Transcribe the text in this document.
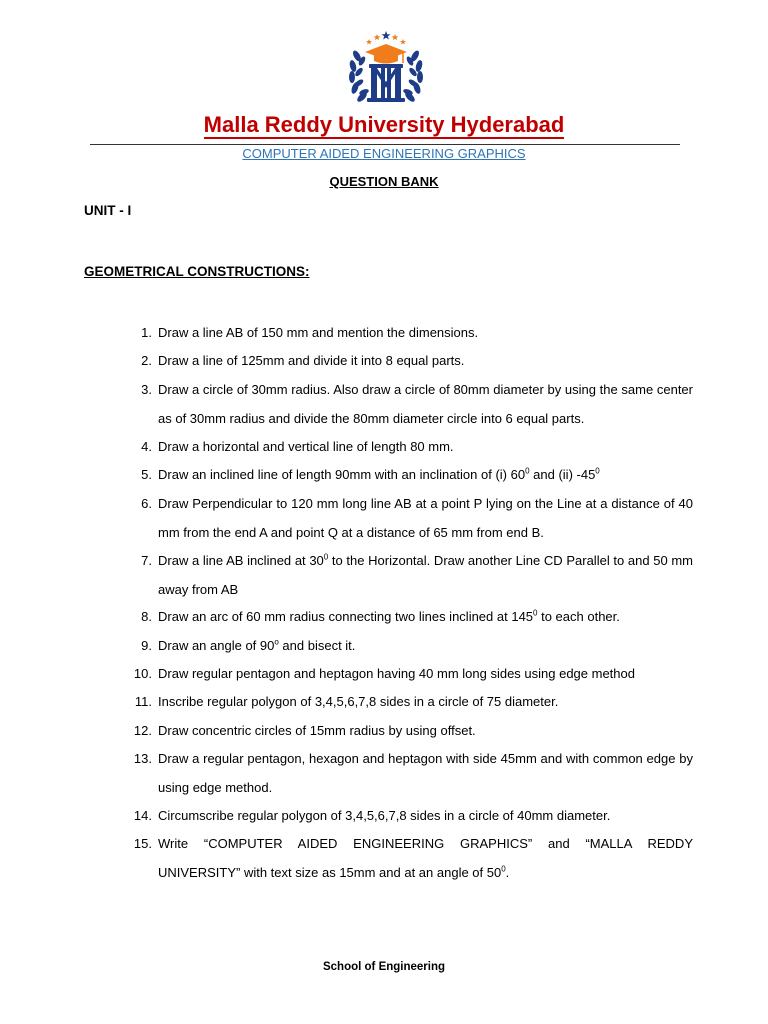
Malla Reddy University Hyderabad
COMPUTER AIDED ENGINEERING GRAPHICS
QUESTION BANK
UNIT - I
GEOMETRICAL CONSTRUCTIONS:
1. Draw a line AB of 150 mm and mention the dimensions.
2. Draw a line of 125mm and divide it into 8 equal parts.
3. Draw a circle of 30mm radius. Also draw a circle of 80mm diameter by using the same center as of 30mm radius and divide the 80mm diameter circle into 6 equal parts.
4. Draw a horizontal and vertical line of length 80 mm.
5. Draw an inclined line of length 90mm with an inclination of (i) $60^0$ and (ii) $-45^0$
6. Draw Perpendicular to 120 mm long line AB at a point P lying on the Line at a distance of 40 mm from the end A and point Q at a distance of 65 mm from end B.
7. Draw a line AB inclined at $30^0$ to the Horizontal. Draw another Line CD Parallel to and 50 mm away from AB
8. Draw an arc of 60 mm radius connecting two lines inclined at $145^0$ to each other.
9. Draw an angle of 90$^o$ and bisect it.
10. Draw regular pentagon and heptagon having 40 mm long sides using edge method
11. Inscribe regular polygon of 3,4,5,6,7,8 sides in a circle of 75 diameter.
12. Draw concentric circles of 15mm radius by using offset.
13. Draw a regular pentagon, hexagon and heptagon with side 45mm and with common edge by using edge method.
14. Circumscribe regular polygon of 3,4,5,6,7,8 sides in a circle of 40mm diameter.
15. Write “COMPUTER AIDED ENGINEERING GRAPHICS” and “MALLA REDDY UNIVERSITY” with text size as 15mm and at an angle of $50^0$.
School of Engineering
